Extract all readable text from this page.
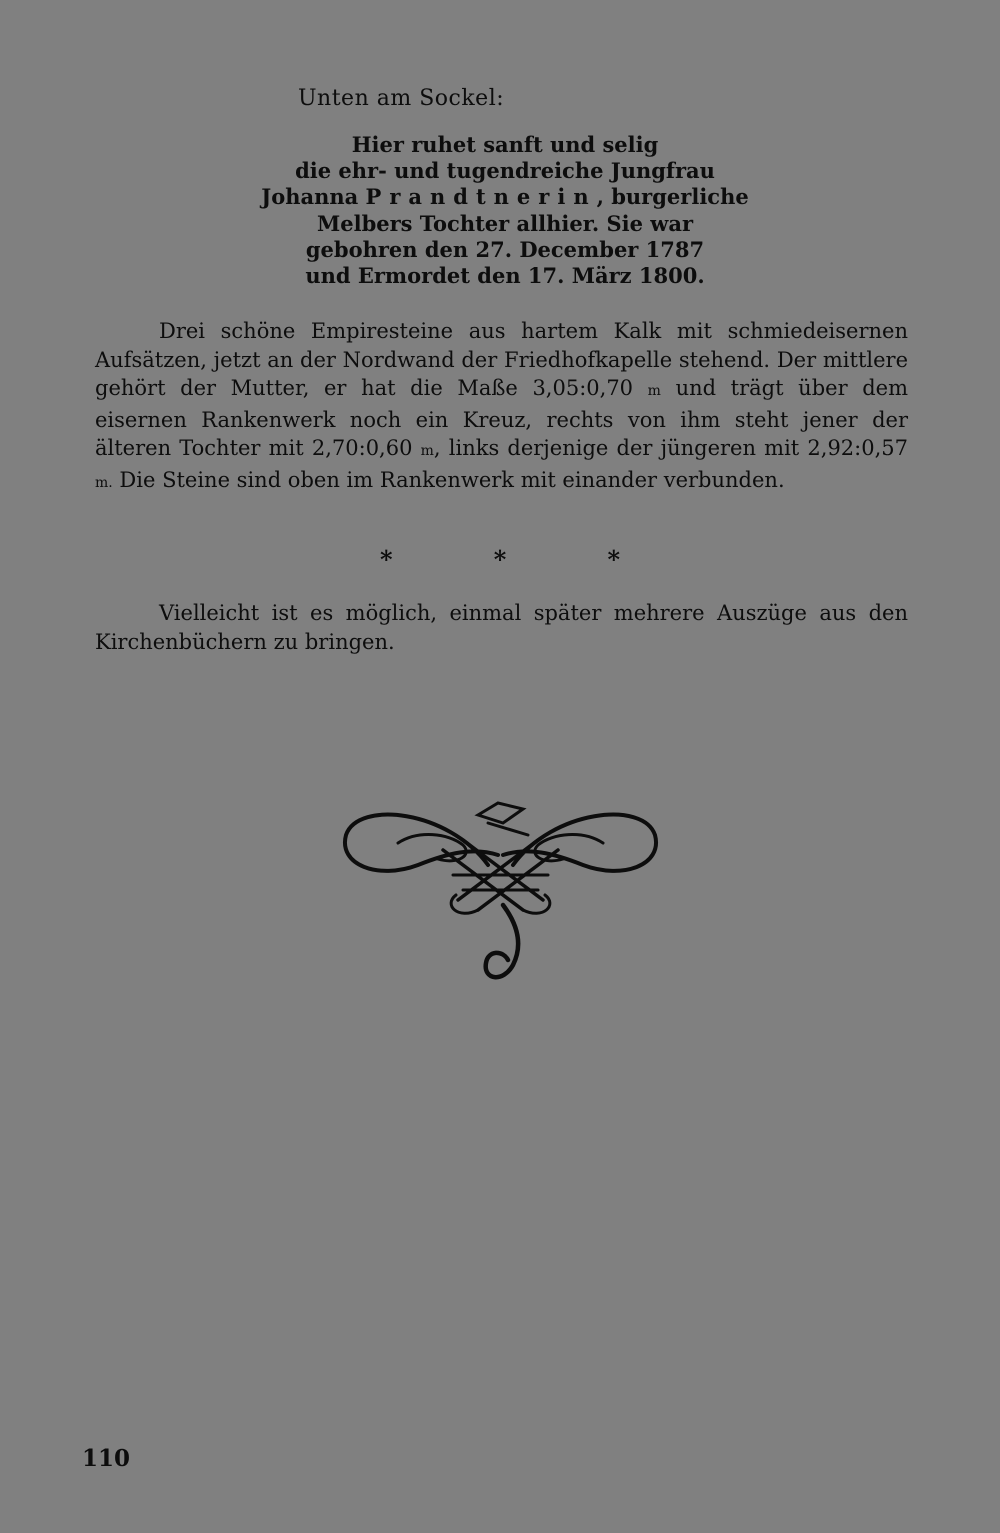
Unten am Sockel:
Hier ruhet sanft und selig
die ehr- und tugendreiche Jungfrau
Johanna Prandtnerin, burgerliche
Melbers Tochter allhier. Sie war
gebohren den 27. December 1787
und Ermordet den 17. März 1800.

Drei schöne Empiresteine aus hartem Kalk mit schmiedeisernen Aufsätzen, jetzt an der Nordwand der Friedhofkapelle stehend. Der mittlere gehört der Mutter, er hat die Maße 3,05:0,70 m und trägt über dem eisernen Rankenwerk noch ein Kreuz, rechts von ihm steht jener der älteren Tochter mit 2,70:0,60 m, links derjenige der jüngeren mit 2,92:0,57 m. Die Steine sind oben im Rankenwerk mit einander verbunden.

*	*	*

Vielleicht ist es möglich, einmal später mehrere Auszüge aus den Kirchenbüchern zu bringen.

110
